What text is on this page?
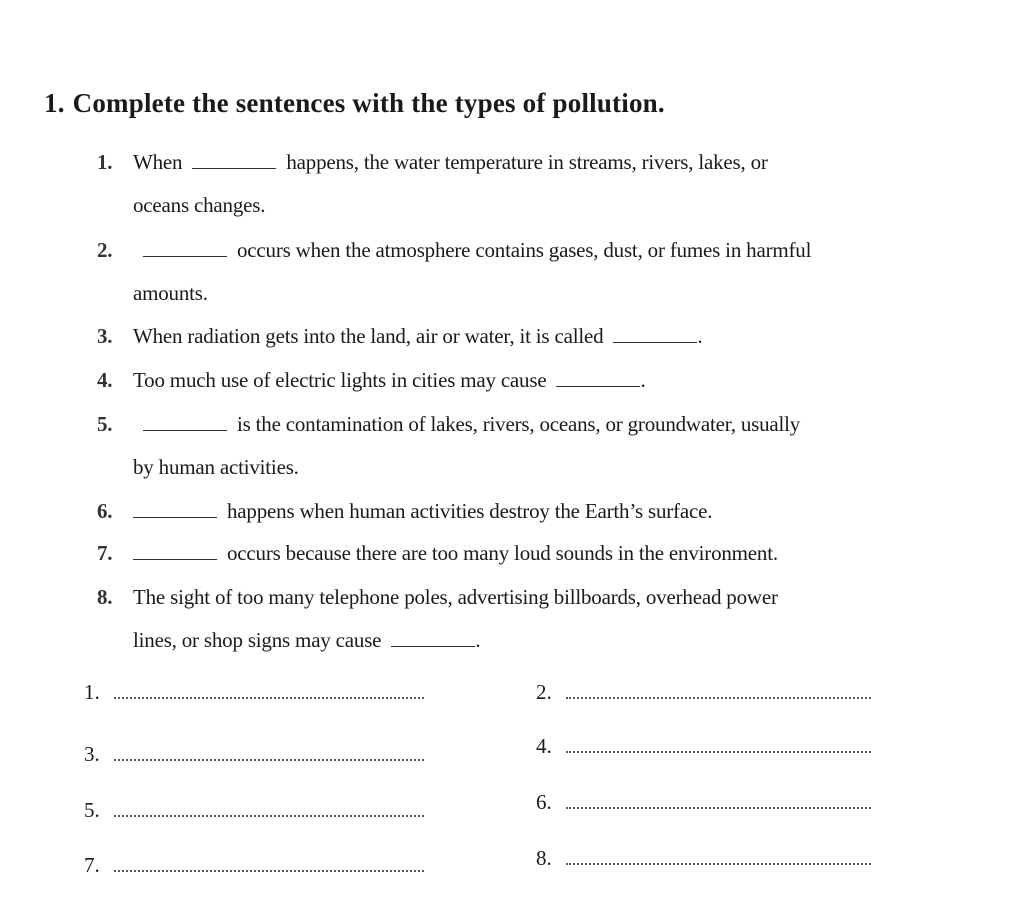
1. Complete the sentences with the types of pollution.
1. When	happens, the water temperature in streams, rivers, lakes, or
oceans changes.
2.	occurs when the atmosphere contains gases, dust, or fumes in harmful
amounts.
3. When radiation gets into the land, air or water, it is called	.
4. Too much use of electric lights in cities may cause	.
5.	is the contamination of lakes, rivers, oceans, or groundwater, usually
by human activities.
6.	happens when human activities destroy the Earth’s surface.
7.	occurs because there are too many loud sounds in the environment.
8. The sight of too many telephone poles, advertising billboards, overhead power
lines, or shop signs may cause	.
1.	2.
3.	4.
5.	6.
7.	8.
